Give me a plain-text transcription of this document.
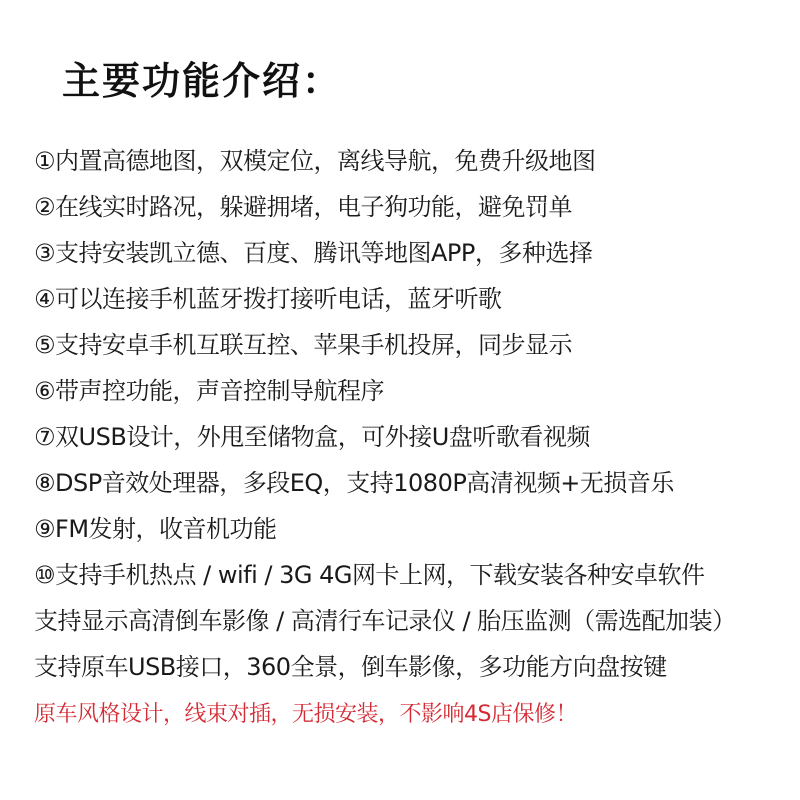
主要功能介绍：
①内置高德地图，双模定位，离线导航，免费升级地图
②在线实时路况，躲避拥堵，电子狗功能，避免罚单
③支持安装凯立德、百度、腾讯等地图APP，多种选择
④可以连接手机蓝牙拨打接听电话，蓝牙听歌
⑤支持安卓手机互联互控、苹果手机投屏，同步显示
⑥带声控功能，声音控制导航程序
⑦双USB设计，外甩至储物盒，可外接U盘听歌看视频
⑧DSP音效处理器，多段EQ，支持1080P高清视频+无损音乐
⑨FM发射，收音机功能
⑩支持手机热点 / wifi / 3G 4G网卡上网，下载安装各种安卓软件
支持显示高清倒车影像 / 高清行车记录仪 / 胎压监测（需选配加装）
支持原车USB接口，360全景，倒车影像，多功能方向盘按键

原车风格设计，线束对插，无损安装，不影响4S店保修！
